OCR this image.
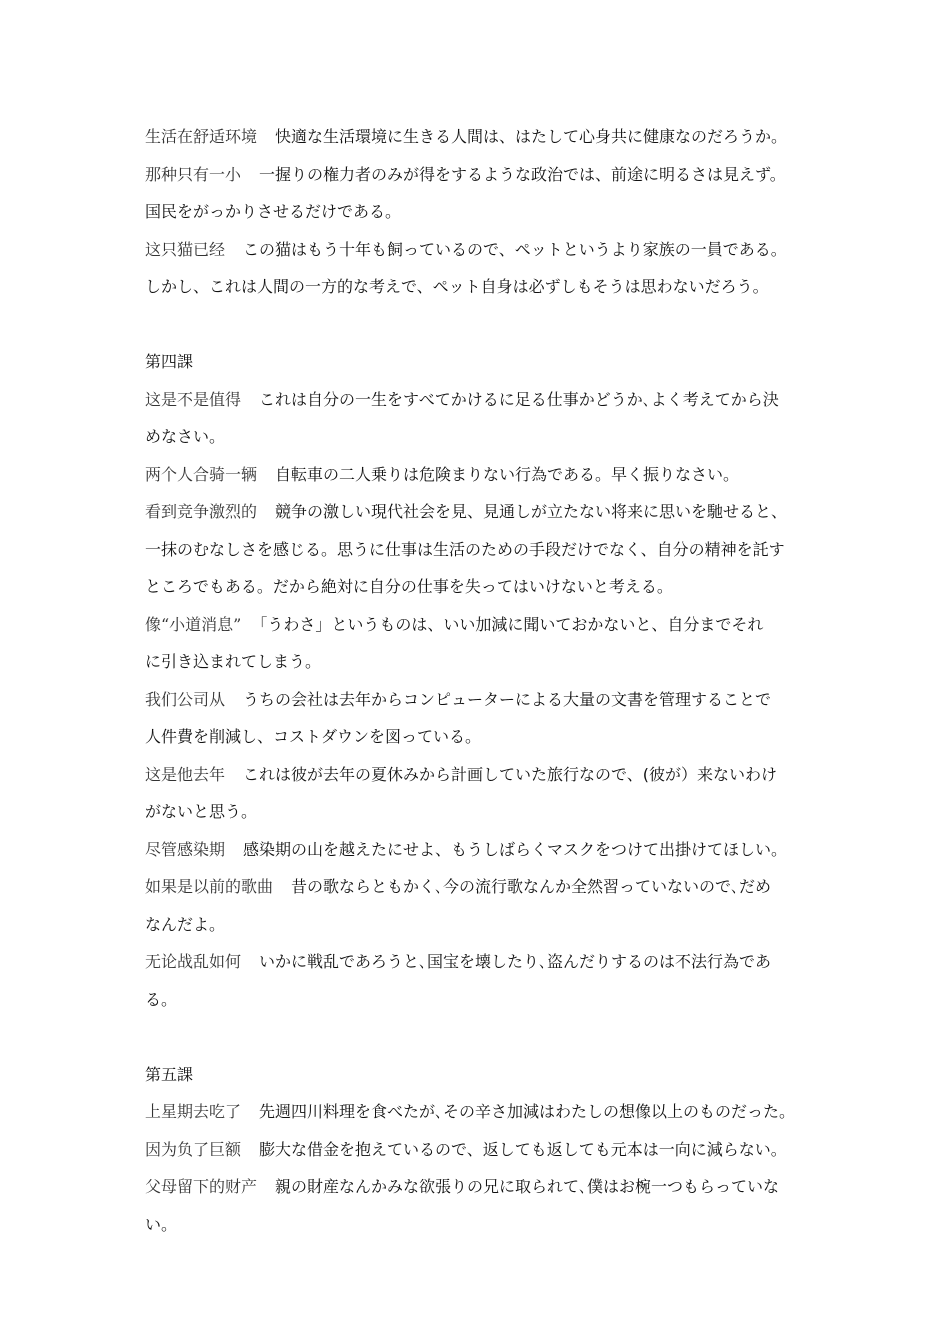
生活在舒适环境 快適な生活環境に生きる人間は、はたして心身共に健康なのだろうか。
那种只有一小 一握りの権力者のみが得をするような政治では、前途に明るさは見えず。
国民をがっかりさせるだけである。
这只猫已经 この猫はもう十年も飼っているので、ペットというより家族の一員である。
しかし、これは人間の一方的な考えで、ペット自身は必ずしもそうは思わないだろう。
第四課
这是不是值得 これは自分の一生をすべてかけるに足る仕事かどうか､よく考えてから決
めなさい。
两个人合骑一辆 自転車の二人乗りは危険まりない行為である。早く振りなさい。
看到竞争激烈的 競争の激しい現代社会を見、見通しが立たない将来に思いを馳せると、
一抹のむなしさを感じる。思うに仕事は生活のための手段だけでなく、自分の精神を託す
ところでもある。だから絶対に自分の仕事を失ってはいけないと考える。
像“小道消息” 「うわさ」というものは、いい加減に聞いておかないと、自分までそれ
に引き込まれてしまう。
我们公司从 うちの会社は去年からコンピューターによる大量の文書を管理することで
人件費を削減し、コストダウンを図っている。
这是他去年 これは彼が去年の夏休みから計画していた旅行なので、(彼が）来ないわけ
がないと思う。
尽管感染期 感染期の山を越えたにせよ、もうしばらくマスクをつけて出掛けてほしい。
如果是以前的歌曲 昔の歌ならともかく､今の流行歌なんか全然習っていないので､だめ
なんだよ。
无论战乱如何 いかに戦乱であろうと､国宝を壊したり､盗んだりするのは不法行為であ
る。
第五課
上星期去吃了 先週四川料理を食べたが､その辛さ加減はわたしの想像以上のものだった。
因为负了巨额 膨大な借金を抱えているので、返しても返しても元本は一向に減らない。
父母留下的财产 親の財産なんかみな欲張りの兄に取られて､僕はお椀一つもらっていな
い。
